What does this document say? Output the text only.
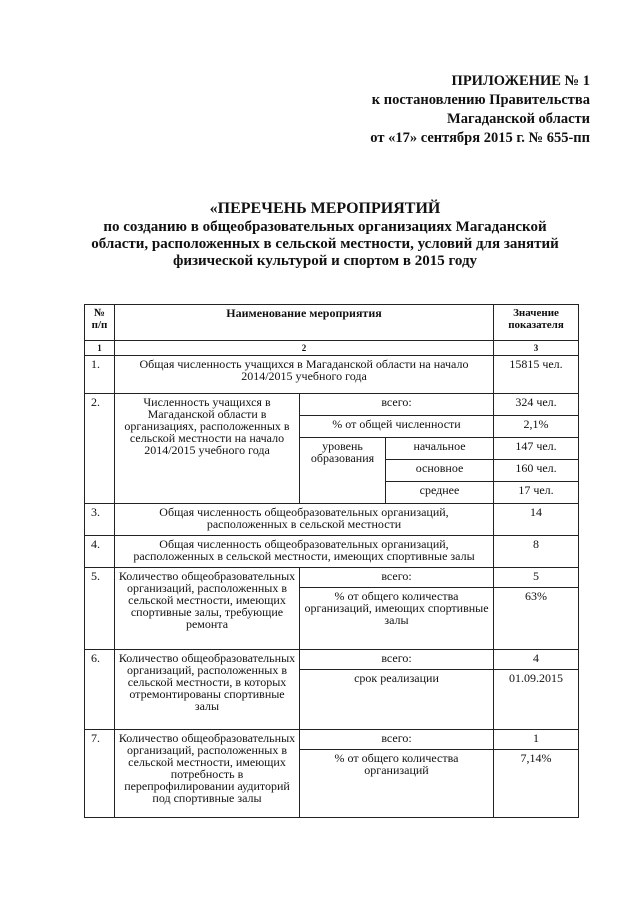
ПРИЛОЖЕНИЕ № 1
к постановлению Правительства
Магаданской области
от «17» сентября 2015 г. № 655-пп
«ПЕРЕЧЕНЬ МЕРОПРИЯТИЙ
по созданию в общеобразовательных организациях Магаданской области, расположенных в сельской местности, условий для занятий физической культурой и спортом в 2015 году
№ п/п	Наименование мероприятия			Значение показателя
1	2			3
1.	Общая численность учащихся в Магаданской области на начало 2014/2015 учебного года			15815 чел.
2.	Численность учащихся в Магаданской области в организациях, расположенных в сельской местности на начало 2014/2015 учебного года	всего:		324 чел.
		% от общей численности		2,1%
		уровень образования	начальное	147 чел.
			основное	160 чел.
			среднее	17 чел.
3.	Общая численность общеобразовательных организаций, расположенных в сельской местности			14
4.	Общая численность общеобразовательных организаций, расположенных в сельской местности, имеющих спортивные залы			8
5.	Количество общеобразовательных организаций, расположенных в сельской местности, имеющих спортивные залы, требующие ремонта	всего:		5
		% от общего количества организаций, имеющих спортивные залы		63%
6.	Количество общеобразовательных организаций, расположенных в сельской местности, в которых отремонтированы спортивные залы	всего:		4
		срок реализации		01.09.2015
7.	Количество общеобразовательных организаций, расположенных в сельской местности, имеющих потребность в перепрофилировании аудиторий под спортивные залы	всего:		1
		% от общего количества организаций		7,14%
